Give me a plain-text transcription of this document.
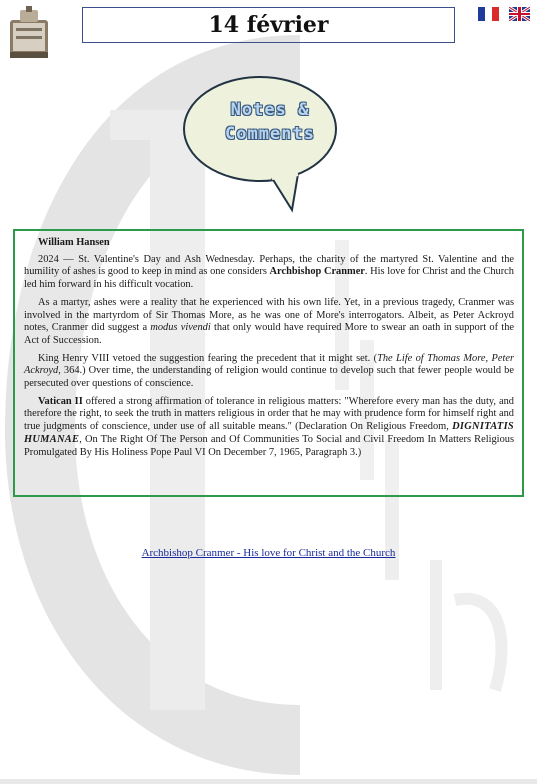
14 février
Notes &
Comments

William Hansen

2024 — St. Valentine's Day and Ash Wednesday. Perhaps, the charity of the martyred St. Valentine and the humility of ashes is good to keep in mind as one considers Archbishop Cranmer. His love for Christ and the Church led him forward in his difficult vocation.

As a martyr, ashes were a reality that he experienced with his own life. Yet, in a previous tragedy, Cranmer was involved in the martyrdom of Sir Thomas More, as he was one of More's interrogators. Albeit, as Peter Ackroyd notes, Cranmer did suggest a modus vivendi that only would have required More to swear an oath in support of the Act of Succession.

King Henry VIII vetoed the suggestion fearing the precedent that it might set. (The Life of Thomas More, Peter Ackroyd, 364.) Over time, the understanding of religion would continue to develop such that fewer people would be persecuted over questions of conscience.

Vatican II offered a strong affirmation of tolerance in religious matters: "Wherefore every man has the duty, and therefore the right, to seek the truth in matters religious in order that he may with prudence form for himself right and true judgments of conscience, under use of all suitable means." (Declaration On Religious Freedom, DIGNITATIS HUMANAE, On The Right Of The Person and Of Communities To Social and Civil Freedom In Matters Religious Promulgated By His Holiness Pope Paul VI On December 7, 1965, Paragraph 3.)

Archbishop Cranmer - His love for Christ and the Church
